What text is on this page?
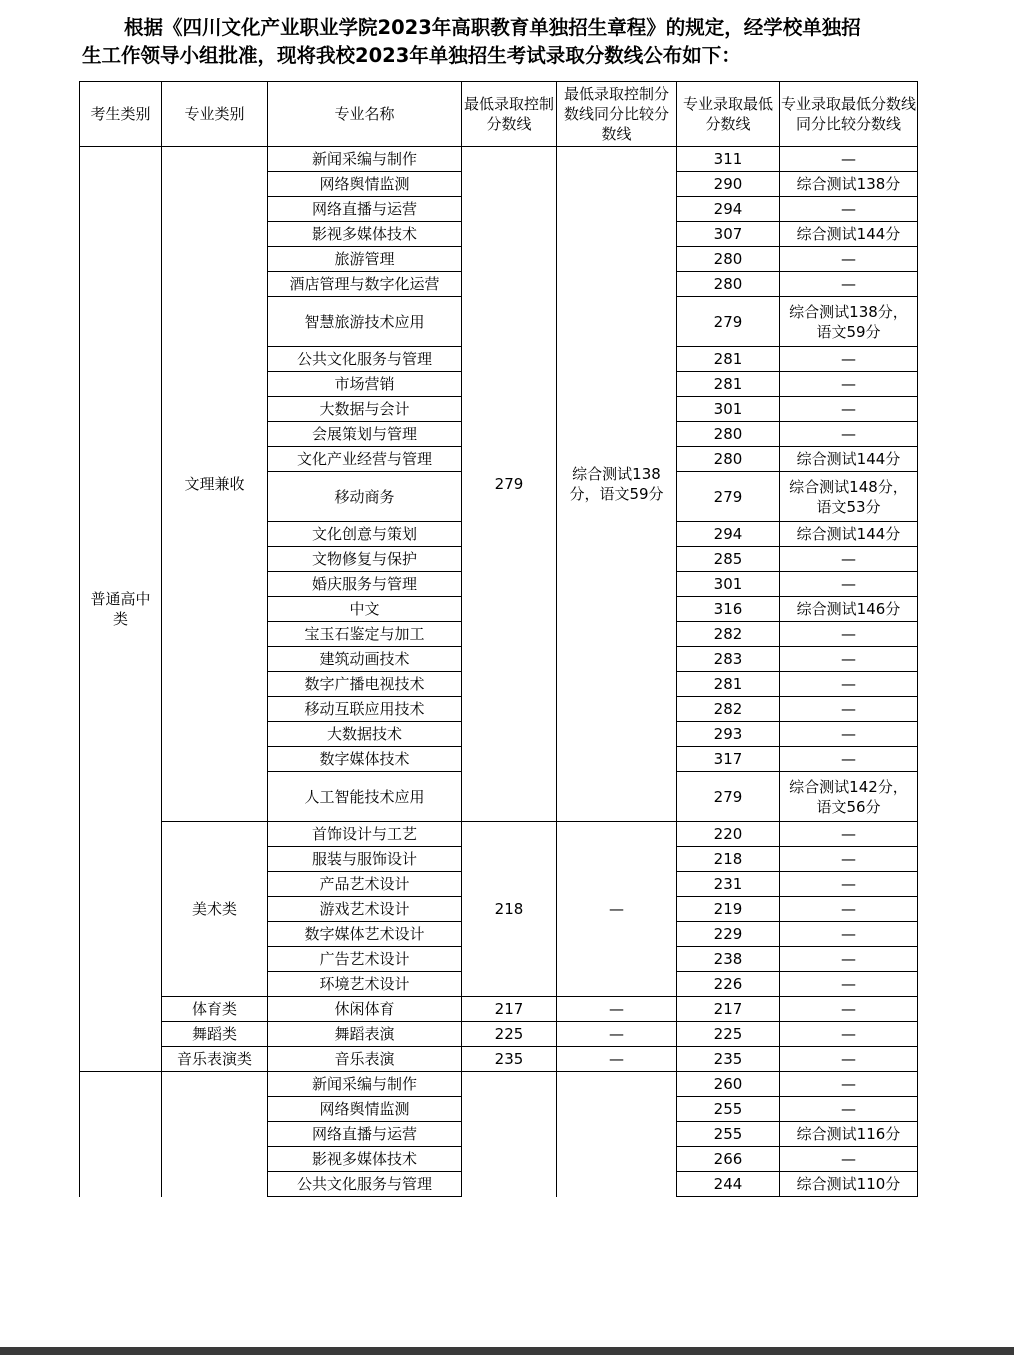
根据《四川文化产业职业学院2023年高职教育单独招生章程》的规定，经学校单独招
生工作领导小组批准，现将我校2023年单独招生考试录取分数线公布如下：
考生类别	专业类别	专业名称	最低录取控制分数线	最低录取控制分数线同分比较分数线	专业录取最低分数线	专业录取最低分数线同分比较分数线
普通高中类	文理兼收	新闻采编与制作	279	综合测试138分，语文59分	311	—
		网络舆情监测			290	综合测试138分
		网络直播与运营			294	—
		影视多媒体技术			307	综合测试144分
		旅游管理			280	—
		酒店管理与数字化运营			280	—
		智慧旅游技术应用			279	综合测试138分，语文59分
		公共文化服务与管理			281	—
		市场营销			281	—
		大数据与会计			301	—
		会展策划与管理			280	—
		文化产业经营与管理			280	综合测试144分
		移动商务			279	综合测试148分，语文53分
		文化创意与策划			294	综合测试144分
		文物修复与保护			285	—
		婚庆服务与管理			301	—
		中文			316	综合测试146分
		宝玉石鉴定与加工			282	—
		建筑动画技术			283	—
		数字广播电视技术			281	—
		移动互联应用技术			282	—
		大数据技术			293	—
		数字媒体技术			317	—
		人工智能技术应用			279	综合测试142分，语文56分
	美术类	首饰设计与工艺	218	—	220	—
		服装与服饰设计			218	—
		产品艺术设计			231	—
		游戏艺术设计			219	—
		数字媒体艺术设计			229	—
		广告艺术设计			238	—
		环境艺术设计			226	—
	体育类	休闲体育	217	—	217	—
	舞蹈类	舞蹈表演	225	—	225	—
	音乐表演类	音乐表演	235	—	235	—
		新闻采编与制作			260	—
		网络舆情监测			255	—
		网络直播与运营			255	综合测试116分
		影视多媒体技术			266	—
		公共文化服务与管理			244	综合测试110分
